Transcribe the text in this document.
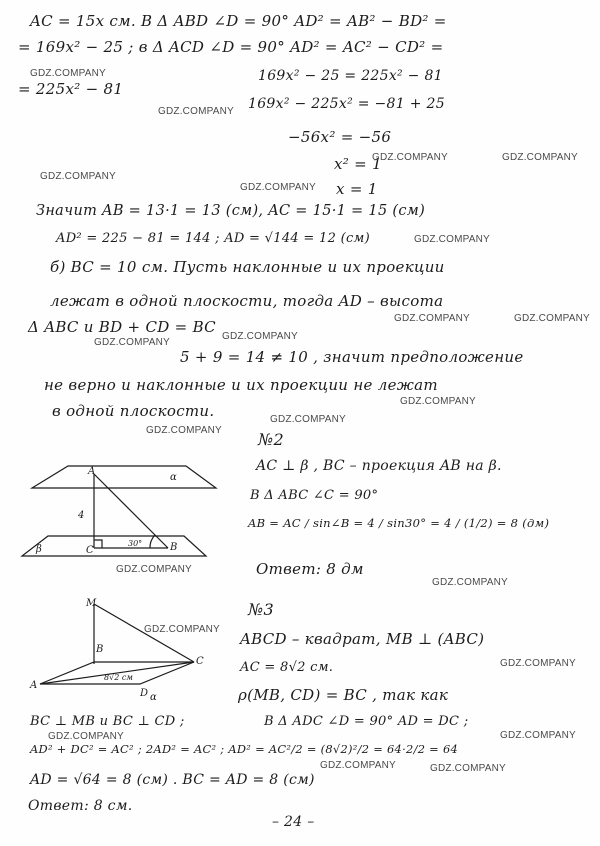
AC = 15x см. В Δ ABD ∠D = 90° AD² = AB² − BD² =
= 169x² − 25 ; в Δ ACD ∠D = 90° AD² = AC² − CD² =
= 225x² − 81
169x² − 25 = 225x² − 81
169x² − 225x² = −81 + 25
−56x² = −56
x² = 1
x = 1
Значит AB = 13·1 = 13 (см), AC = 15·1 = 15 (см)
AD² = 225 − 81 = 144 ; AD = √144 = 12 (см)
б) BC = 10 см. Пусть наклонные и их проекции
лежат в одной плоскости, тогда AD – высота
Δ ABC и BD + CD = BC
5 + 9 = 14 ≠ 10 , значит предположение
не верно и наклонные и их проекции не лежат
в одной плоскости.
№2
AC ⊥ β , BC – проекция AB на β.
В Δ ABC ∠C = 90°
AB = AC / sin∠B = 4 / sin30° = 4 / (1/2) = 8 (дм)
Ответ: 8 дм
№3
ABCD – квадрат, MB ⊥ (ABC)
AC = 8√2 см.
ρ(MB, CD) = BC , так как
BC ⊥ MB и BC ⊥ CD ;	В Δ ADC ∠D = 90° AD = DC ;
AD² + DC² = AC² ; 2AD² = AC² ; AD² = AC²/2 = (8√2)²/2 = 64·2/2 = 64
AD = √64 = 8 (см) . BC = AD = 8 (см)
Ответ: 8 см.
– 24 –
GDZ.COMPANY
GDZ.COMPANY
GDZ.COMPANY
GDZ.COMPANY	GDZ.COMPANY
GDZ.COMPANY
GDZ.COMPANY
GDZ.COMPANY	GDZ.COMPANY
GDZ.COMPANY
GDZ.COMPANY
GDZ.COMPANY
GDZ.COMPANY
GDZ.COMPANY
GDZ.COMPANY
GDZ.COMPANY
GDZ.COMPANY
GDZ.COMPANY
GDZ.COMPANY
GDZ.COMPANY	GDZ.COMPANY
GDZ.COMPANY
A
C	B
α
β
4
30°
M
B
C
A
D
8√2 см
α
